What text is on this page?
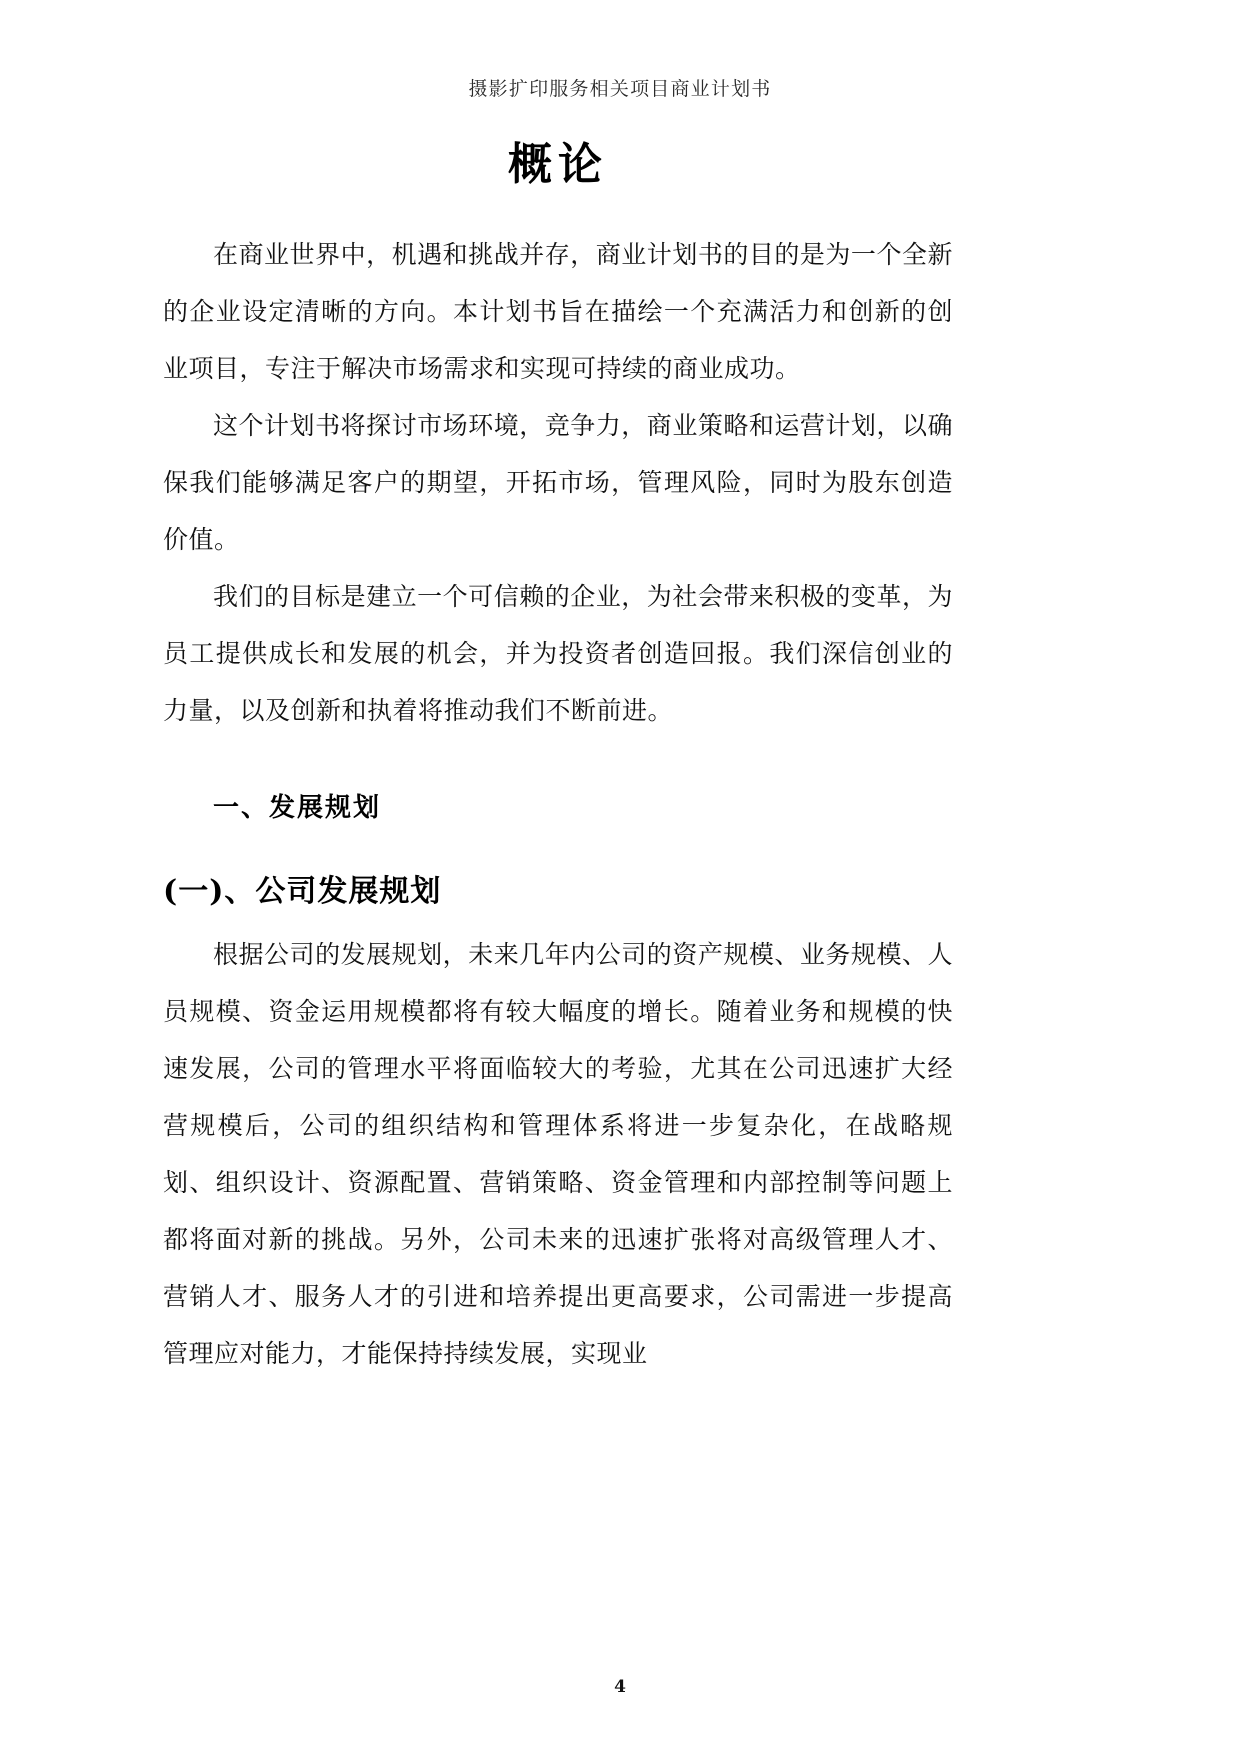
摄影扩印服务相关项目商业计划书
概论

在商业世界中，机遇和挑战并存，商业计划书的目的是为一个全新的企业设定清晰的方向。本计划书旨在描绘一个充满活力和创新的创业项目，专注于解决市场需求和实现可持续的商业成功。

这个计划书将探讨市场环境，竞争力，商业策略和运营计划，以确保我们能够满足客户的期望，开拓市场，管理风险，同时为股东创造价值。

我们的目标是建立一个可信赖的企业，为社会带来积极的变革，为员工提供成长和发展的机会，并为投资者创造回报。我们深信创业的力量，以及创新和执着将推动我们不断前进。

一、发展规划
(一)、公司发展规划

根据公司的发展规划，未来几年内公司的资产规模、业务规模、人员规模、资金运用规模都将有较大幅度的增长。随着业务和规模的快速发展，公司的管理水平将面临较大的考验，尤其在公司迅速扩大经营规模后，公司的组织结构和管理体系将进一步复杂化，在战略规划、组织设计、资源配置、营销策略、资金管理和内部控制等问题上都将面对新的挑战。另外，公司未来的迅速扩张将对高级管理人才、营销人才、服务人才的引进和培养提出更高要求，公司需进一步提高管理应对能力，才能保持持续发展，实现业

4
